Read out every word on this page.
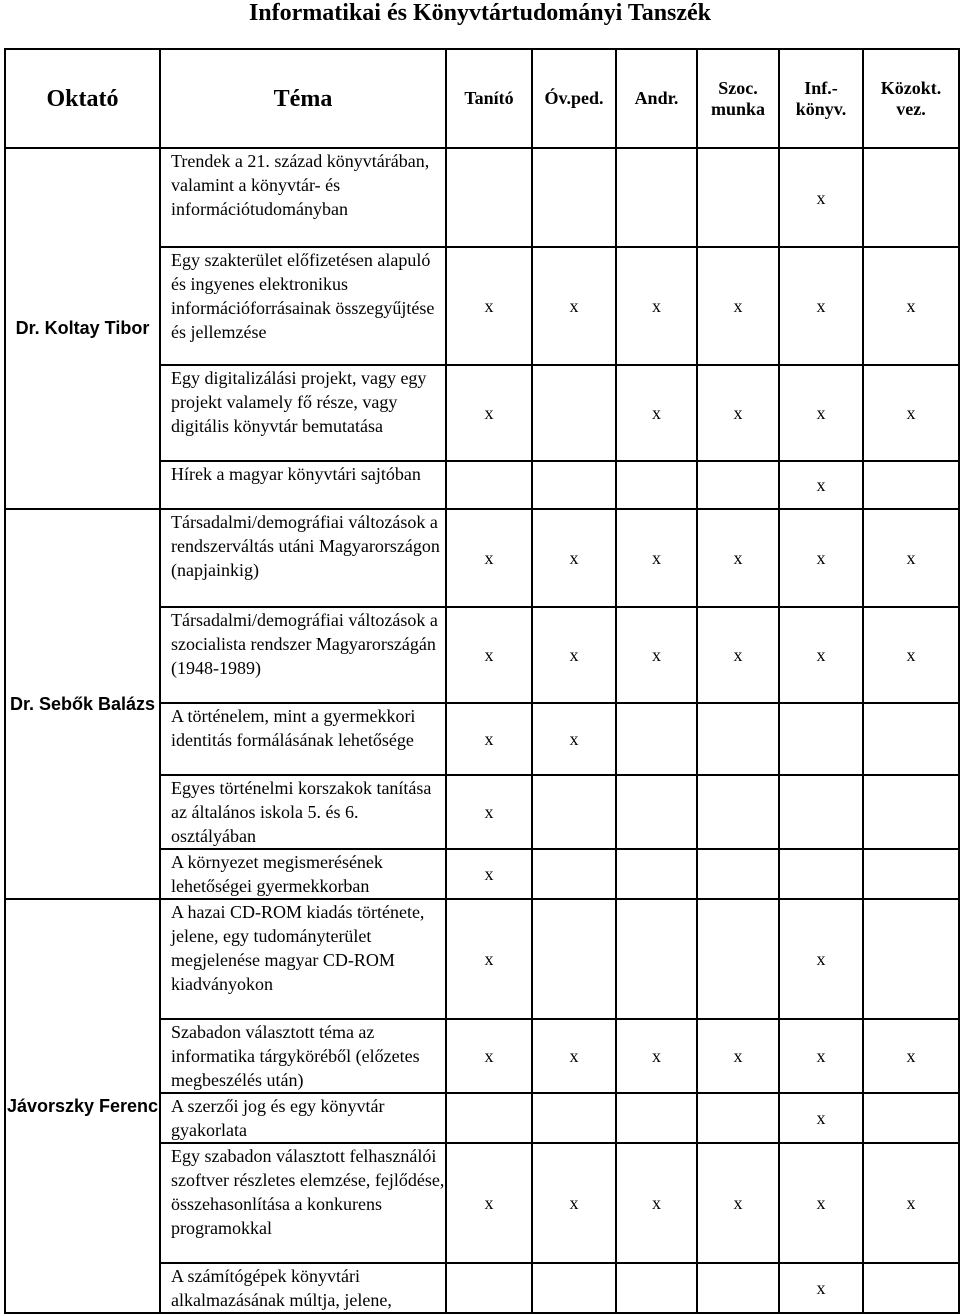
Informatikai és Könyvtártudományi Tanszék
Oktató	Téma	Tanító	Óv.ped.	Andr.	Szoc. munka	Inf.- könyv.	Közokt. vez.
Dr. Koltay Tibor	Trendek a 21. század könyvtárában, valamint a könyvtár- és információtudományban					x	
	Egy szakterület előfizetésen alapuló és ingyenes elektronikus információforrásainak összegyűjtése és jellemzése	x	x	x	x	x	x
	Egy digitalizálási projekt, vagy egy projekt valamely fő része, vagy digitális könyvtár bemutatása	x		x	x	x	x
	Hírek a magyar könyvtári sajtóban					x	
Dr. Sebők Balázs	Társadalmi/demográfiai változások a rendszerváltás utáni Magyarországon (napjainkig)	x	x	x	x	x	x
	Társadalmi/demográfiai változások a szocialista rendszer Magyarországán (1948-1989)	x	x	x	x	x	x
	A történelem, mint a gyermekkori identitás formálásának lehetősége	x	x				
	Egyes történelmi korszakok tanítása az általános iskola 5. és 6. osztályában	x					
	A környezet megismerésének lehetőségei gyermekkorban	x					
Jávorszky Ferenc	A hazai CD-ROM kiadás története, jelene, egy tudományterület megjelenése magyar CD-ROM kiadványokon	x				x	
	Szabadon választott téma az informatika tárgyköréből (előzetes megbeszélés után)	x	x	x	x	x	x
	A szerzői jog és egy könyvtár gyakorlata					x	
	Egy szabadon választott felhasználói szoftver részletes elemzése, fejlődése, összehasonlítása a konkurens programokkal	x	x	x	x	x	x
	A számítógépek könyvtári alkalmazásának múltja, jelene,					x	
